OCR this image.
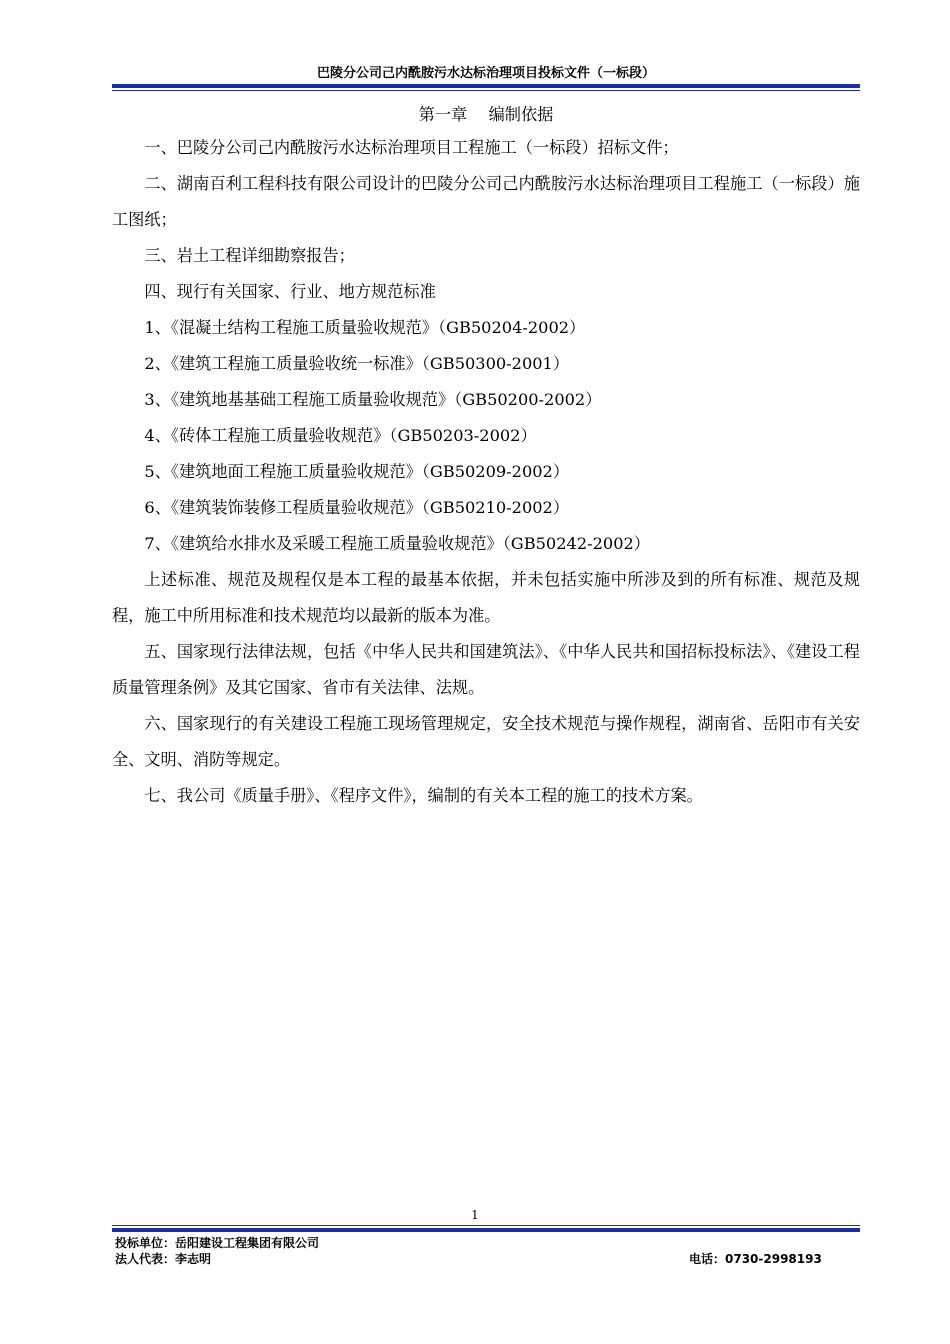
巴陵分公司己内酰胺污水达标治理项目投标文件（一标段）

第一章　 编制依据

一、巴陵分公司己内酰胺污水达标治理项目工程施工（一标段）招标文件；

二、湖南百利工程科技有限公司设计的巴陵分公司己内酰胺污水达标治理项目工程施工（一标段）施工图纸；

三、岩土工程详细勘察报告；

四、现行有关国家、行业、地方规范标准

1、《混凝土结构工程施工质量验收规范》（GB50204-2002）

2、《建筑工程施工质量验收统一标准》（GB50300-2001）

3、《建筑地基基础工程施工质量验收规范》（GB50200-2002）

4、《砖体工程施工质量验收规范》（GB50203-2002）

5、《建筑地面工程施工质量验收规范》（GB50209-2002）

6、《建筑装饰装修工程质量验收规范》（GB50210-2002）

7、《建筑给水排水及采暖工程施工质量验收规范》（GB50242-2002）

上述标准、规范及规程仅是本工程的最基本依据，并未包括实施中所涉及到的所有标准、规范及规程，施工中所用标准和技术规范均以最新的版本为准。

五、国家现行法律法规，包括《中华人民共和国建筑法》、《中华人民共和国招标投标法》、《建设工程质量管理条例》及其它国家、省市有关法律、法规。

六、国家现行的有关建设工程施工现场管理规定，安全技术规范与操作规程，湖南省、岳阳市有关安全、文明、消防等规定。

七、我公司《质量手册》、《程序文件》，编制的有关本工程的施工的技术方案。

1
投标单位：岳阳建设工程集团有限公司
法人代表：李志明	电话：0730-2998193
